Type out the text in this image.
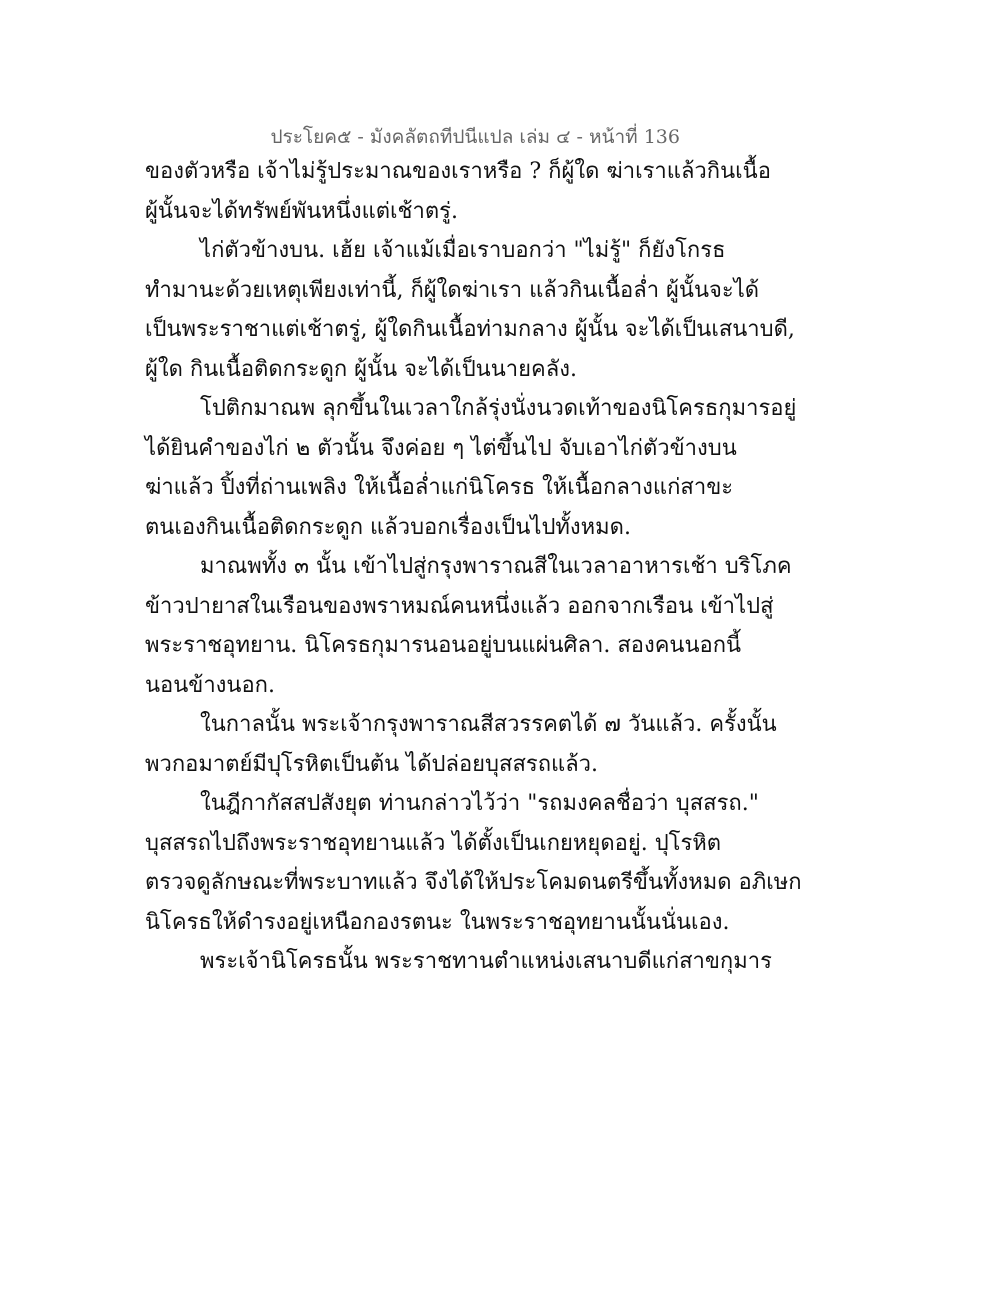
ประโยค๕ - มังคลัตถทีปนีแปล เล่ม ๔ - หน้าที่ 136
ของตัวหรือ เจ้าไม่รู้ประมาณของเราหรือ ? ก็ผู้ใด ฆ่าเราแล้วกินเนื้อ
ผู้นั้นจะได้ทรัพย์พันหนึ่งแต่เช้าตรู่.
ไก่ตัวข้างบน. เฮ้ย เจ้าแม้เมื่อเราบอกว่า "ไม่รู้" ก็ยังโกรธ
ทำมานะด้วยเหตุเพียงเท่านี้, ก็ผู้ใดฆ่าเรา แล้วกินเนื้อล่ำ ผู้นั้นจะได้
เป็นพระราชาแต่เช้าตรู่, ผู้ใดกินเนื้อท่ามกลาง ผู้นั้น จะได้เป็นเสนาบดี,
ผู้ใด กินเนื้อติดกระดูก ผู้นั้น จะได้เป็นนายคลัง.
โปติกมาณพ ลุกขึ้นในเวลาใกล้รุ่งนั่งนวดเท้าของนิโครธกุมารอยู่
ได้ยินคำของไก่ ๒ ตัวนั้น จึงค่อย ๆ ไต่ขึ้นไป จับเอาไก่ตัวข้างบน
ฆ่าแล้ว ปิ้งที่ถ่านเพลิง ให้เนื้อล่ำแก่นิโครธ ให้เนื้อกลางแก่สาขะ
ตนเองกินเนื้อติดกระดูก แล้วบอกเรื่องเป็นไปทั้งหมด.
มาณพทั้ง ๓ นั้น เข้าไปสู่กรุงพาราณสีในเวลาอาหารเช้า บริโภค
ข้าวปายาสในเรือนของพราหมณ์คนหนึ่งแล้ว ออกจากเรือน เข้าไปสู่
พระราชอุทยาน. นิโครธกุมารนอนอยู่บนแผ่นศิลา. สองคนนอกนี้
นอนข้างนอก.
ในกาลนั้น พระเจ้ากรุงพาราณสีสวรรคตได้ ๗ วันแล้ว. ครั้งนั้น
พวกอมาตย์มีปุโรหิตเป็นต้น ได้ปล่อยบุสสรถแล้ว.
ในฎีกากัสสปสังยุต ท่านกล่าวไว้ว่า "รถมงคลชื่อว่า บุสสรถ."
บุสสรถไปถึงพระราชอุทยานแล้ว ได้ตั้งเป็นเกยหยุดอยู่. ปุโรหิต
ตรวจดูลักษณะที่พระบาทแล้ว จึงได้ให้ประโคมดนตรีขึ้นทั้งหมด อภิเษก
นิโครธให้ดำรงอยู่เหนือกองรตนะ ในพระราชอุทยานนั้นนั่นเอง.
พระเจ้านิโครธนั้น พระราชทานตำแหน่งเสนาบดีแก่สาขกุมาร
